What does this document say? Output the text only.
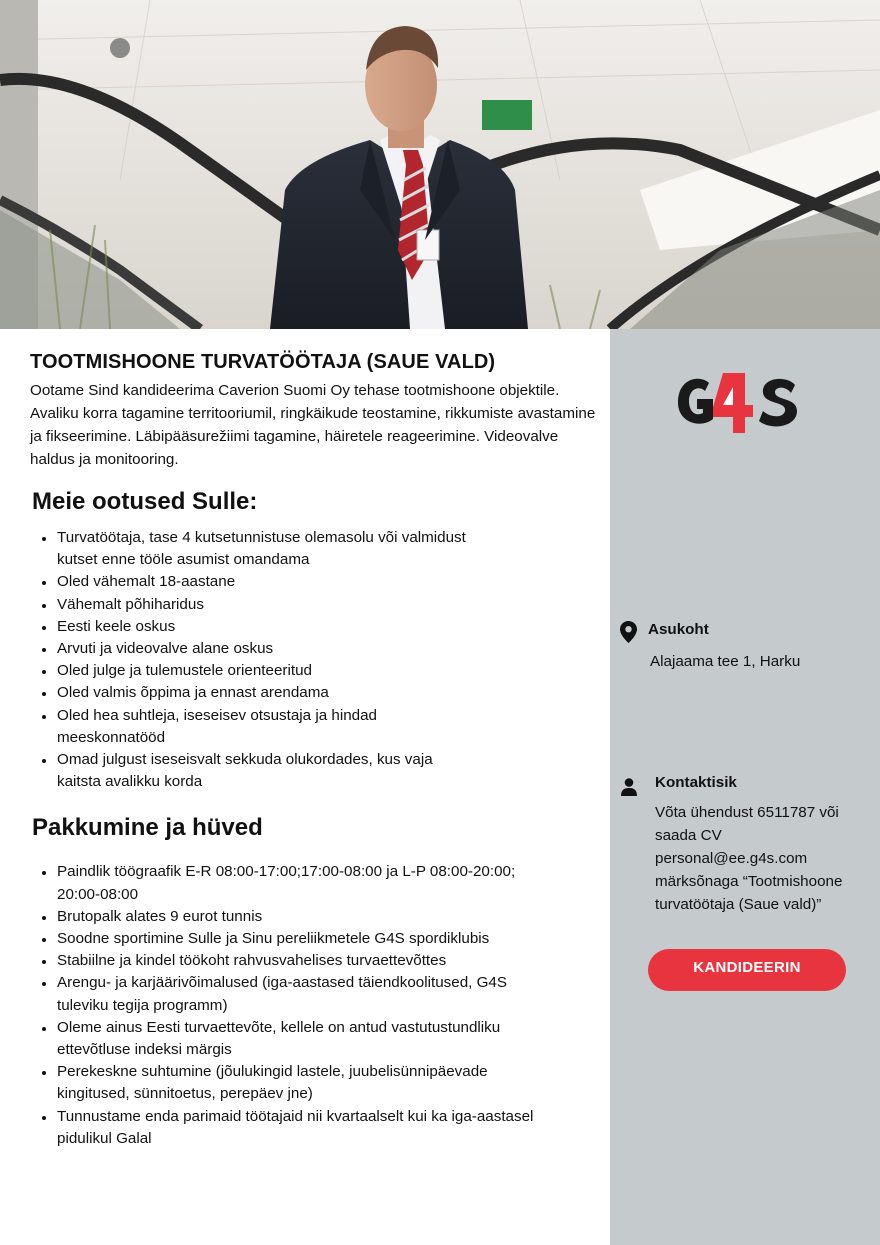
TOOTMISHOONE TURVATÖÖTAJA (SAUE VALD)

Ootame Sind kandideerima Caverion Suomi Oy tehase tootmishoone objektile. Avaliku korra tagamine territooriumil, ringkäikude teostamine, rikkumiste avastamine ja fikseerimine. Läbipääsurežiimi tagamine, häiretele reageerimine. Videovalve haldus ja monitooring.

Meie ootused Sulle:
Turvatöötaja, tase 4 kutsetunnistuse olemasolu või valmidust kutset enne tööle asumist omandama
Oled vähemalt 18-aastane
Vähemalt põhiharidus
Eesti keele oskus
Arvuti ja videovalve alane oskus
Oled julge ja tulemustele orienteeritud
Oled valmis õppima ja ennast arendama
Oled hea suhtleja, iseseisev otsustaja ja hindad meeskonnatööd
Omad julgust iseseisvalt sekkuda olukordades, kus vaja kaitsta avalikku korda
Pakkumine ja hüved
Paindlik töögraafik E-R 08:00-17:00;17:00-08:00 ja L-P 08:00-20:00; 20:00-08:00
Brutopalk alates 9 eurot tunnis
Soodne sportimine Sulle ja Sinu pereliikmetele G4S spordiklubis
Stabiilne ja kindel töökoht rahvusvahelises turvaettevõttes
Arengu- ja karjäärivõimalused (iga-aastased täiendkoolitused, G4S tuleviku tegija programm)
Oleme ainus Eesti turvaettevõte, kellele on antud vastutustundliku ettevõtluse indeksi märgis
Perekeskne suhtumine (jõulukingid lastele, juubelisünnipäevade kingitused, sünnitoetus, perepäev jne)
Tunnustame enda parimaid töötajaid nii kvartaalselt kui ka iga-aastasel pidulikul Galal
Asukoht
Alajaama tee 1, Harku
Kontaktisik
Võta ühendust 6511787 või saada CV personal@ee.g4s.com märksõnaga “Tootmishoone turvatöötaja (Saue vald)”
KANDIDEERIN
